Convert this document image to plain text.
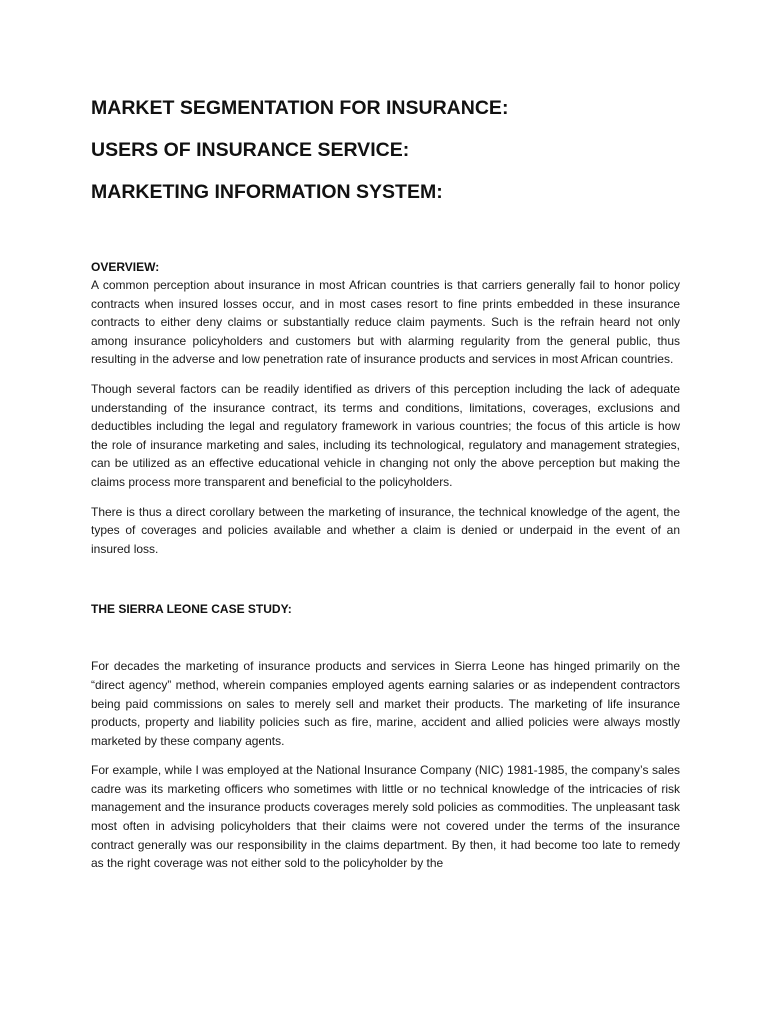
MARKET SEGMENTATION FOR INSURANCE:
USERS OF INSURANCE SERVICE:
MARKETING INFORMATION SYSTEM:
OVERVIEW:

A common perception about insurance in most African countries is that carriers generally fail to honor policy contracts when insured losses occur, and in most cases resort to fine prints embedded in these insurance contracts to either deny claims or substantially reduce claim payments. Such is the refrain heard not only among insurance policyholders and customers but with alarming regularity from the general public, thus resulting in the adverse and low penetration rate of insurance products and services in most African countries.

Though several factors can be readily identified as drivers of this perception including the lack of adequate understanding of the insurance contract, its terms and conditions, limitations, coverages, exclusions and deductibles including the legal and regulatory framework in various countries; the focus of this article is how the role of insurance marketing and sales, including its technological, regulatory and management strategies, can be utilized as an effective educational vehicle in changing not only the above perception but making the claims process more transparent and beneficial to the policyholders.

There is thus a direct corollary between the marketing of insurance, the technical knowledge of the agent, the types of coverages and policies available and whether a claim is denied or underpaid in the event of an insured loss.

THE SIERRA LEONE CASE STUDY:

For decades the marketing of insurance products and services in Sierra Leone has hinged primarily on the “direct agency” method, wherein companies employed agents earning salaries or as independent contractors being paid commissions on sales to merely sell and market their products. The marketing of life insurance products, property and liability policies such as fire, marine, accident and allied policies were always mostly marketed by these company agents.

For example, while I was employed at the National Insurance Company (NIC) 1981-1985, the company’s sales cadre was its marketing officers who sometimes with little or no technical knowledge of the intricacies of risk management and the insurance products coverages merely sold policies as commodities. The unpleasant task most often in advising policyholders that their claims were not covered under the terms of the insurance contract generally was our responsibility in the claims department. By then, it had become too late to remedy as the right coverage was not either sold to the policyholder by the
